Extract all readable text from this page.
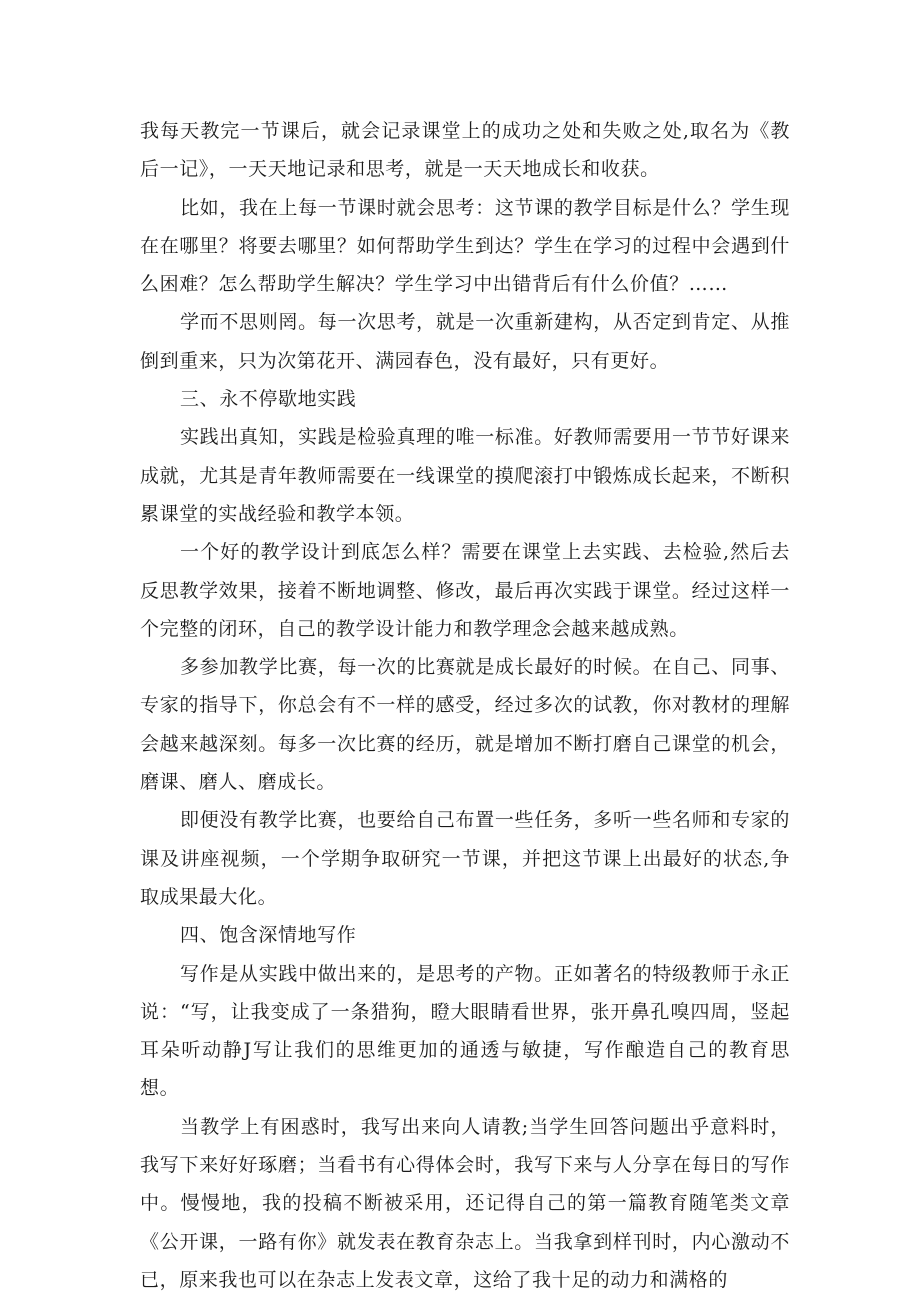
我每天教完一节课后，就会记录课堂上的成功之处和失败之处,取名为《教后一记》，一天天地记录和思考，就是一天天地成长和收获。

比如，我在上每一节课时就会思考：这节课的教学目标是什么？学生现在在哪里？将要去哪里？如何帮助学生到达？学生在学习的过程中会遇到什么困难？怎么帮助学生解决？学生学习中出错背后有什么价值？……

学而不思则罔。每一次思考，就是一次重新建构，从否定到肯定、从推倒到重来，只为次第花开、满园春色，没有最好，只有更好。

三、永不停歇地实践

实践出真知，实践是检验真理的唯一标准。好教师需要用一节节好课来成就，尤其是青年教师需要在一线课堂的摸爬滚打中锻炼成长起来，不断积累课堂的实战经验和教学本领。

一个好的教学设计到底怎么样？需要在课堂上去实践、去检验,然后去反思教学效果，接着不断地调整、修改，最后再次实践于课堂。经过这样一个完整的闭环，自己的教学设计能力和教学理念会越来越成熟。

多参加教学比赛，每一次的比赛就是成长最好的时候。在自己、同事、专家的指导下，你总会有不一样的感受，经过多次的试教，你对教材的理解会越来越深刻。每多一次比赛的经历，就是增加不断打磨自己课堂的机会，磨课、磨人、磨成长。

即便没有教学比赛，也要给自己布置一些任务，多听一些名师和专家的课及讲座视频，一个学期争取研究一节课，并把这节课上出最好的状态,争取成果最大化。

四、饱含深情地写作

写作是从实践中做出来的，是思考的产物。正如著名的特级教师于永正说：“写，让我变成了一条猎狗，瞪大眼睛看世界，张开鼻孔嗅四周，竖起耳朵听动静J写让我们的思维更加的通透与敏捷，写作酿造自己的教育思想。

当教学上有困惑时，我写出来向人请教;当学生回答问题出乎意料时，我写下来好好琢磨；当看书有心得体会时，我写下来与人分享在每日的写作中。慢慢地，我的投稿不断被采用，还记得自己的第一篇教育随笔类文章《公开课，一路有你》就发表在教育杂志上。当我拿到样刊时，内心激动不已，原来我也可以在杂志上发表文章，这给了我十足的动力和满格的
